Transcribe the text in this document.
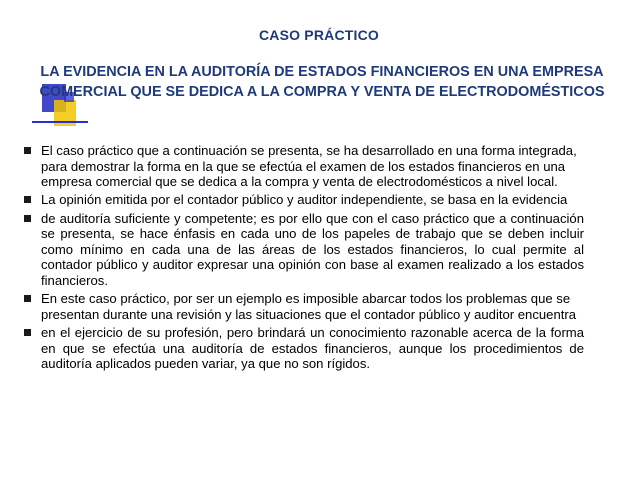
CASO PRÁCTICO
LA EVIDENCIA EN LA AUDITORÍA DE ESTADOS FINANCIEROS EN UNA EMPRESA COMERCIAL QUE SE DEDICA A LA COMPRA Y VENTA DE ELECTRODOMÉSTICOS
El caso práctico que a continuación se presenta, se ha desarrollado en una forma integrada, para demostrar la forma en la que se efectúa el examen de los estados financieros en una empresa comercial que se dedica a la compra y venta de electrodomésticos a nivel local.
La opinión emitida por el contador público y auditor independiente, se basa en la evidencia
de auditoría suficiente y competente; es por ello que con el caso práctico que a continuación se presenta, se hace énfasis en cada uno de los papeles de trabajo que se deben incluir como mínimo en cada una de las áreas de los estados financieros, lo cual permite al contador público y auditor expresar una opinión con base al examen realizado a los estados financieros.
En este caso práctico, por ser un ejemplo es imposible abarcar todos los problemas que se presentan durante una revisión y las situaciones que el contador público y auditor encuentra
en el ejercicio de su profesión, pero brindará un conocimiento razonable acerca de la forma en que se efectúa una auditoría de estados financieros, aunque los procedimientos de auditoría aplicados pueden variar, ya que no son rígidos.
